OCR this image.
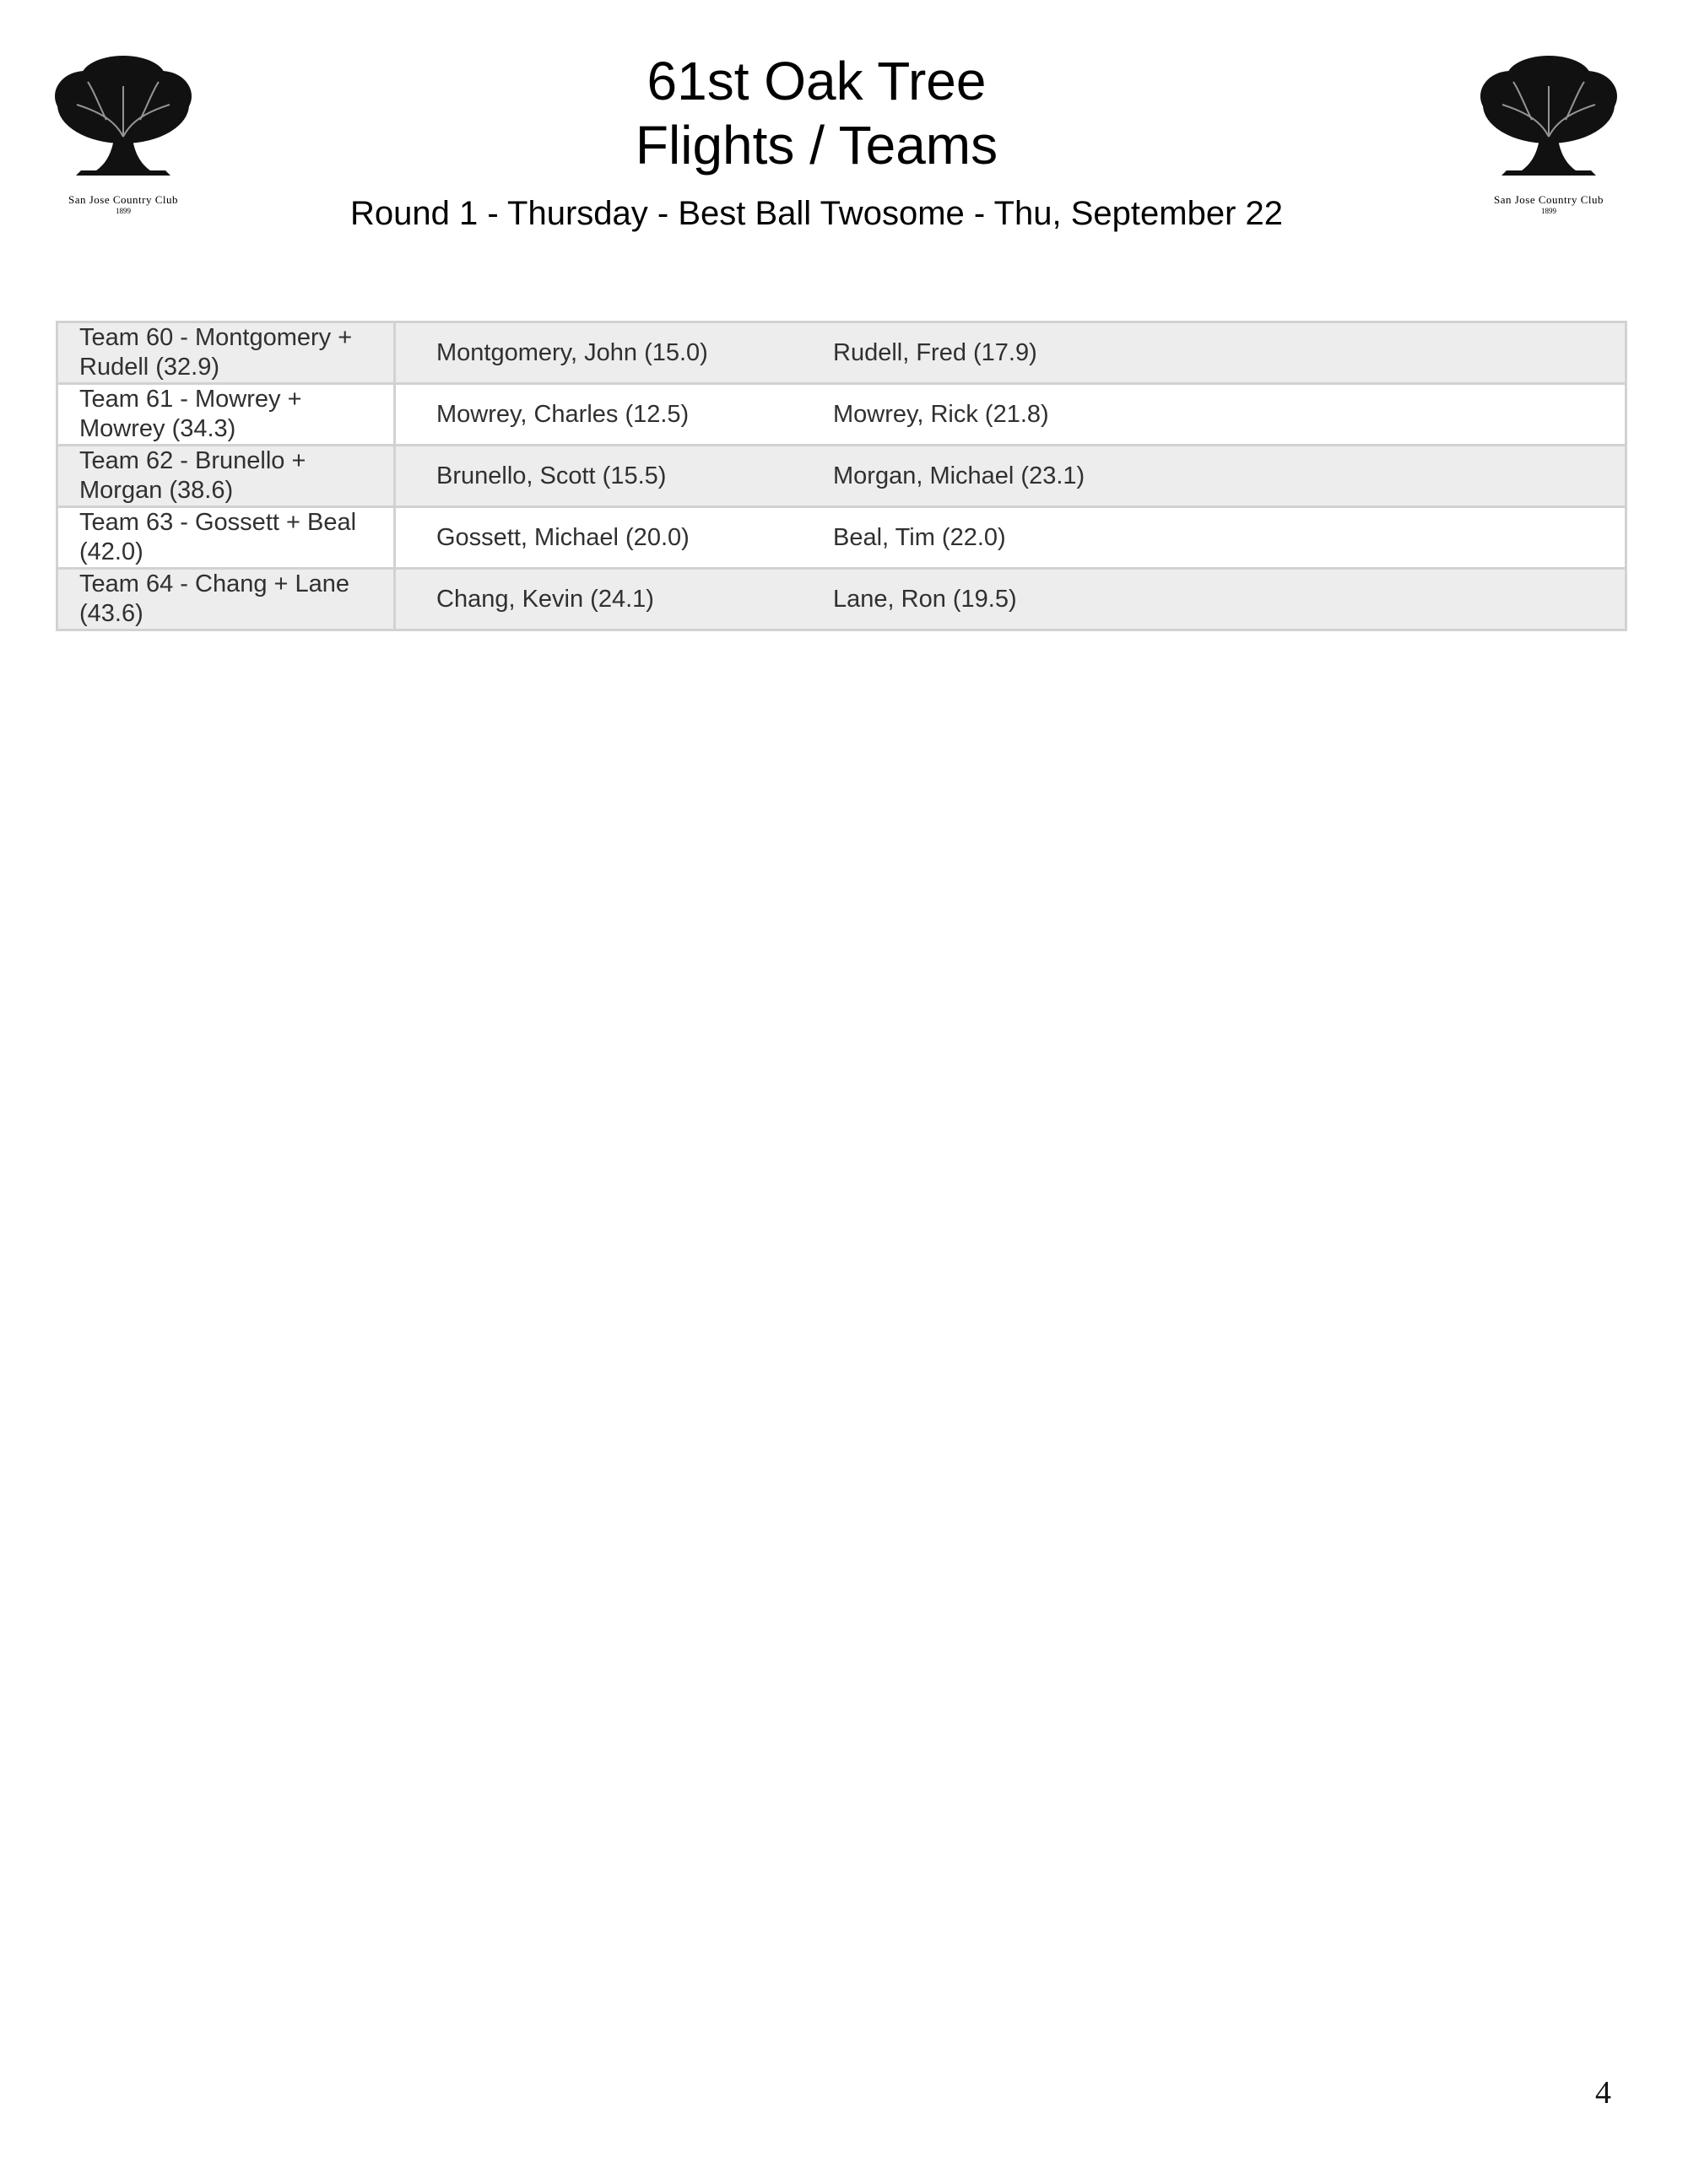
San Jose Country Club
1899
San Jose Country Club
1899
61st Oak Tree
Flights / Teams
Round 1 - Thursday - Best Ball Twosome - Thu, September 22
Team 60 - Montgomery + Rudell (32.9)	Montgomery, John (15.0) Rudell, Fred (17.9)
Team 61 - Mowrey + Mowrey (34.3)	Mowrey, Charles (12.5) Mowrey, Rick (21.8)
Team 62 - Brunello + Morgan (38.6)	Brunello, Scott (15.5) Morgan, Michael (23.1)
Team 63 - Gossett + Beal (42.0)	Gossett, Michael (20.0) Beal, Tim (22.0)
Team 64 - Chang + Lane (43.6)	Chang, Kevin (24.1) Lane, Ron (19.5)
4
